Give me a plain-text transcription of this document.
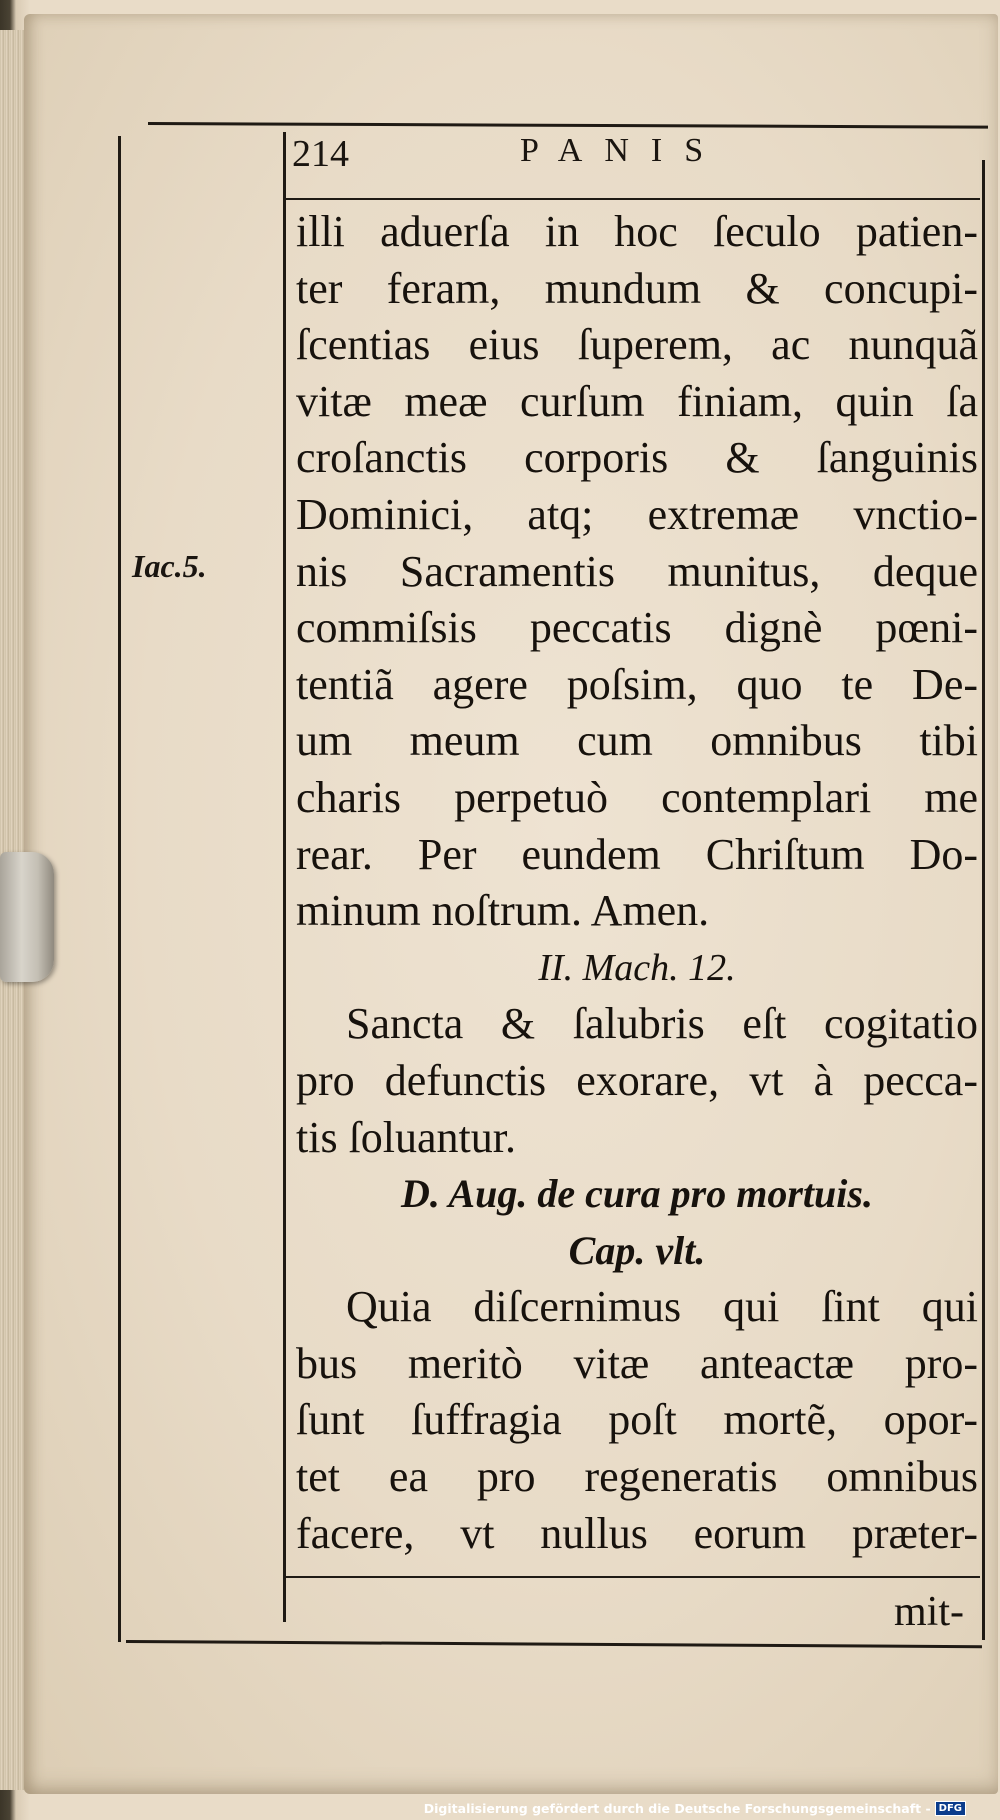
214	PANIS
Iac.5.
illi aduerſa in hoc ſeculo patien-
ter feram, mundum & concupi-
ſcentias eius ſuperem, ac nunquã
vitæ meæ curſum finiam, quin ſa
croſanctis corporis & ſanguinis
Dominici, atq; extremæ vnctio-
nis Sacramentis munitus, deque
commiſsis peccatis dignè pœni-
tentiã agere poſsim, quo te De-
um meum cum omnibus tibi
charis perpetuò contemplari me
rear. Per eundem Chriſtum Do-
minum noſtrum. Amen.
II. Mach. 12.
Sancta & ſalubris eſt cogitatio
pro defunctis exorare, vt à pecca-
tis ſoluantur.
D. Aug. de cura pro mortuis.
Cap. vlt.
Quia diſcernimus qui ſint qui
bus meritò vitæ anteactæ pro-
ſunt ſuffragia poſt mortẽ, opor-
tet ea pro regeneratis omnibus
facere, vt nullus eorum præter-
mit-
Digitalisierung gefördert durch die Deutsche Forschungsgemeinschaft - DFG
